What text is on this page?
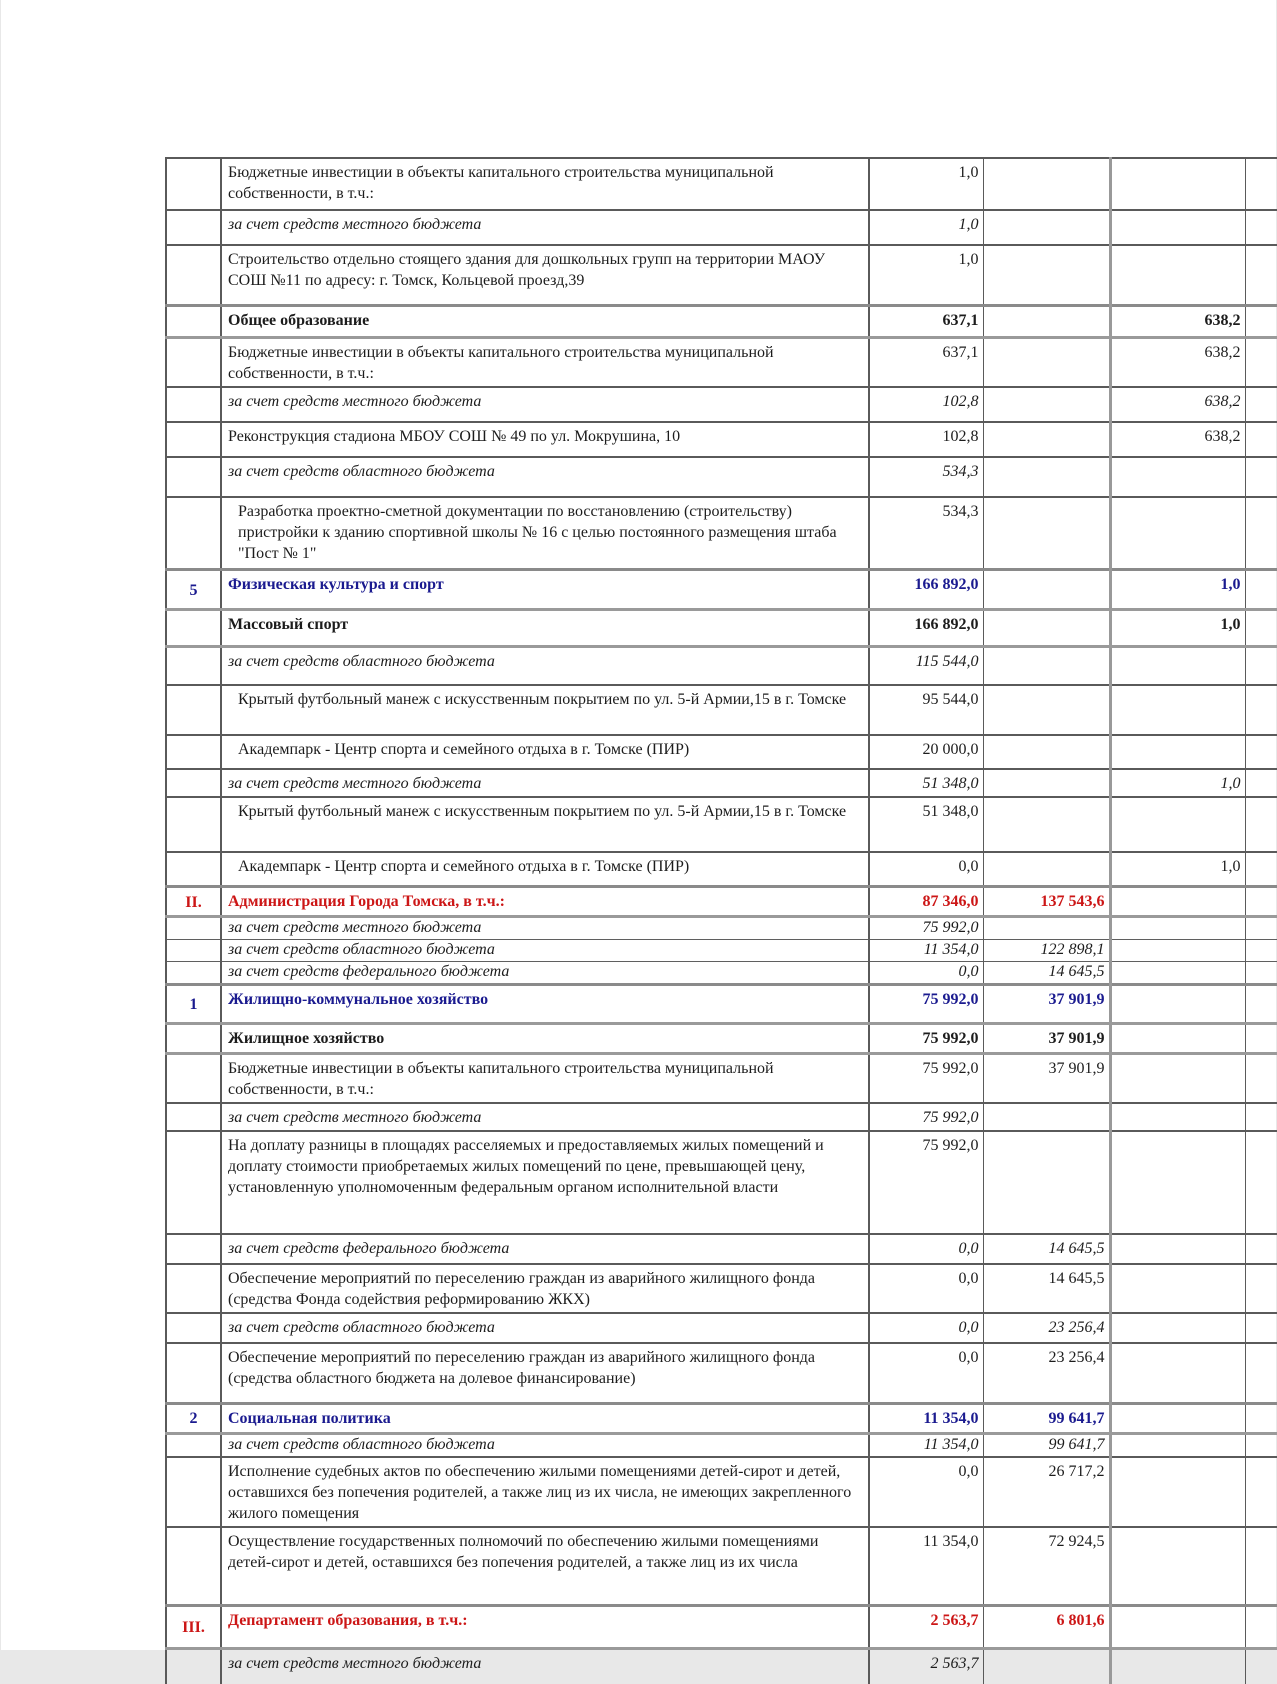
	Бюджетные инвестиции в объекты капитального строительства муниципальной собственности, в т.ч.:	1,0			
	за счет средств местного бюджета	1,0			
	Строительство отдельно стоящего здания для дошкольных групп на территории МАОУ СОШ №11 по адресу: г. Томск, Кольцевой проезд,39	1,0			
	Общее образование	637,1		638,2	
	Бюджетные инвестиции в объекты капитального строительства муниципальной собственности, в т.ч.:	637,1		638,2	
	за счет средств местного бюджета	102,8		638,2	
	Реконструкция стадиона МБОУ СОШ № 49 по ул. Мокрушина, 10	102,8		638,2	
	за счет средств областного бюджета	534,3			
	Разработка проектно-сметной документации по восстановлению (строительству) пристройки к зданию спортивной школы № 16 с целью постоянного размещения штаба "Пост № 1"	534,3			
5	Физическая культура и спорт	166 892,0		1,0	
	Массовый спорт	166 892,0		1,0	
	за счет средств областного бюджета	115 544,0			
	Крытый футбольный манеж с искусственным покрытием по ул. 5-й Армии,15 в г. Томске	95 544,0			
	Академпарк - Центр спорта и семейного отдыха в г. Томске (ПИР)	20 000,0			
	за счет средств местного бюджета	51 348,0		1,0	
	Крытый футбольный манеж с искусственным покрытием по ул. 5-й Армии,15 в г. Томске	51 348,0			
	Академпарк - Центр спорта и семейного отдыха в г. Томске (ПИР)	0,0		1,0	
II.	Администрация Города Томска, в т.ч.:	87 346,0	137 543,6		
	за счет средств местного бюджета	75 992,0			
	за счет средств областного бюджета	11 354,0	122 898,1		
	за счет средств федерального бюджета	0,0	14 645,5		
1	Жилищно-коммунальное хозяйство	75 992,0	37 901,9		
	Жилищное хозяйство	75 992,0	37 901,9		
	Бюджетные инвестиции в объекты капитального строительства муниципальной собственности, в т.ч.:	75 992,0	37 901,9		
	за счет средств местного бюджета	75 992,0			
	На доплату разницы в площадях расселяемых и предоставляемых жилых помещений и доплату стоимости приобретаемых жилых помещений по цене, превышающей цену, установленную уполномоченным федеральным органом исполнительной власти	75 992,0			
	за счет средств федерального бюджета	0,0	14 645,5		
	Обеспечение мероприятий по переселению граждан из аварийного жилищного фонда (средства Фонда содействия реформированию ЖКХ)	0,0	14 645,5		
	за счет средств областного бюджета	0,0	23 256,4		
	Обеспечение мероприятий по переселению граждан из аварийного жилищного фонда (средства областного бюджета на долевое финансирование)	0,0	23 256,4		
2	Социальная политика	11 354,0	99 641,7		
	за счет средств областного бюджета	11 354,0	99 641,7		
	Исполнение судебных актов по обеспечению жилыми помещениями детей-сирот и детей, оставшихся без попечения родителей, а также лиц из их числа, не имеющих закрепленного жилого помещения	0,0	26 717,2		
	Осуществление государственных полномочий по обеспечению жилыми помещениями детей-сирот и детей, оставшихся без попечения родителей, а также лиц из их числа	11 354,0	72 924,5		
III.	Департамент образования, в т.ч.:	2 563,7	6 801,6		
	за счет средств местного бюджета	2 563,7			
